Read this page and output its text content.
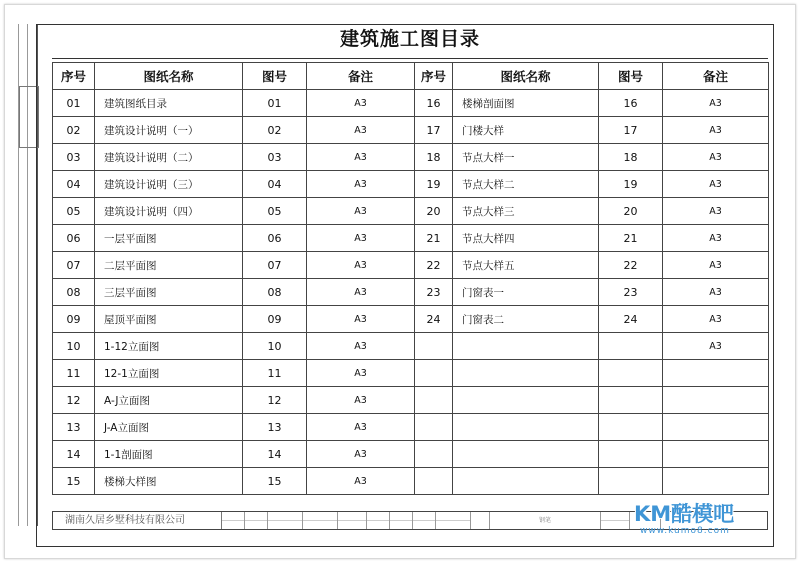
建筑施工图目录
序号	图纸名称	图号	备注	序号	图纸名称	图号	备注
01	建筑图纸目录	01	A3	16	楼梯剖面图	16	A3
02	建筑设计说明（一）	02	A3	17	门楼大样	17	A3
03	建筑设计说明（二）	03	A3	18	节点大样一	18	A3
04	建筑设计说明（三）	04	A3	19	节点大样二	19	A3
05	建筑设计说明（四）	05	A3	20	节点大样三	20	A3
06	一层平面图	06	A3	21	节点大样四	21	A3
07	二层平面图	07	A3	22	节点大样五	22	A3
08	三层平面图	08	A3	23	门窗表一	23	A3
09	屋顶平面图	09	A3	24	门窗表二	24	A3
10	1-12立面图	10	A3				A3
11	12-1立面图	11	A3				
12	A-J立面图	12	A3				
13	J-A立面图	13	A3				
14	1-1剖面图	14	A3				
15	楼梯大样图	15	A3				
湖南久居乡墅科技有限公司	钢笔	KM酷模吧
www.kumo8.com
